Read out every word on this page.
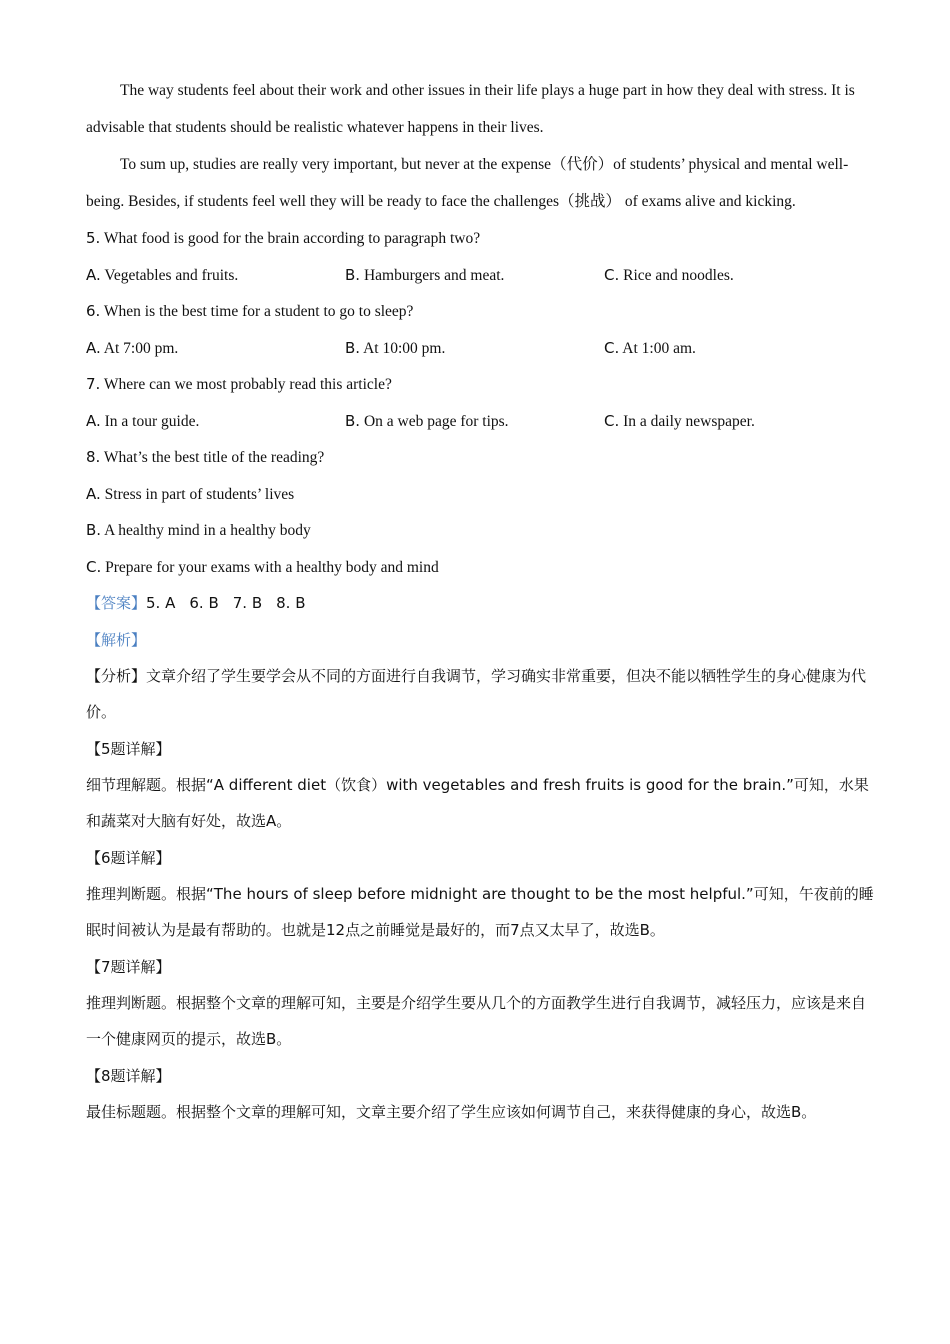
The way students feel about their work and other issues in their life plays a huge part in how they deal with stress. It is advisable that students should be realistic whatever happens in their lives.

To sum up, studies are really very important, but never at the expense（代价）of students’ physical and mental well-being. Besides, if students feel well they will be ready to face the challenges（挑战） of exams alive and kicking.

5. What food is good for the brain according to paragraph two?
A. Vegetables and fruits.	B. Hamburgers and meat.	C. Rice and noodles.
6. When is the best time for a student to go to sleep?
A. At 7:00 pm.	B. At 10:00 pm.	C. At 1:00 am.
7. Where can we most probably read this article?
A. In a tour guide.	B. On a web page for tips.	C. In a daily newspaper.
8. What’s the best title of the reading?
A. Stress in part of students’ lives
B. A healthy mind in a healthy body
C. Prepare for your exams with a healthy body and mind
【答案】5. A 6. B 7. B 8. B
【解析】

【分析】文章介绍了学生要学会从不同的方面进行自我调节，学习确实非常重要，但决不能以牺牲学生的身心健康为代价。

【5题详解】

细节理解题。根据“A different diet（饮食）with vegetables and fresh fruits is good for the brain.”可知，水果和蔬菜对大脑有好处，故选A。

【6题详解】

推理判断题。根据“The hours of sleep before midnight are thought to be the most helpful.”可知，午夜前的睡眠时间被认为是最有帮助的。也就是12点之前睡觉是最好的，而7点又太早了，故选B。

【7题详解】

推理判断题。根据整个文章的理解可知，主要是介绍学生要从几个的方面教学生进行自我调节，减轻压力，应该是来自一个健康网页的提示，故选B。

【8题详解】

最佳标题题。根据整个文章的理解可知，文章主要介绍了学生应该如何调节自己，来获得健康的身心，故选B。
